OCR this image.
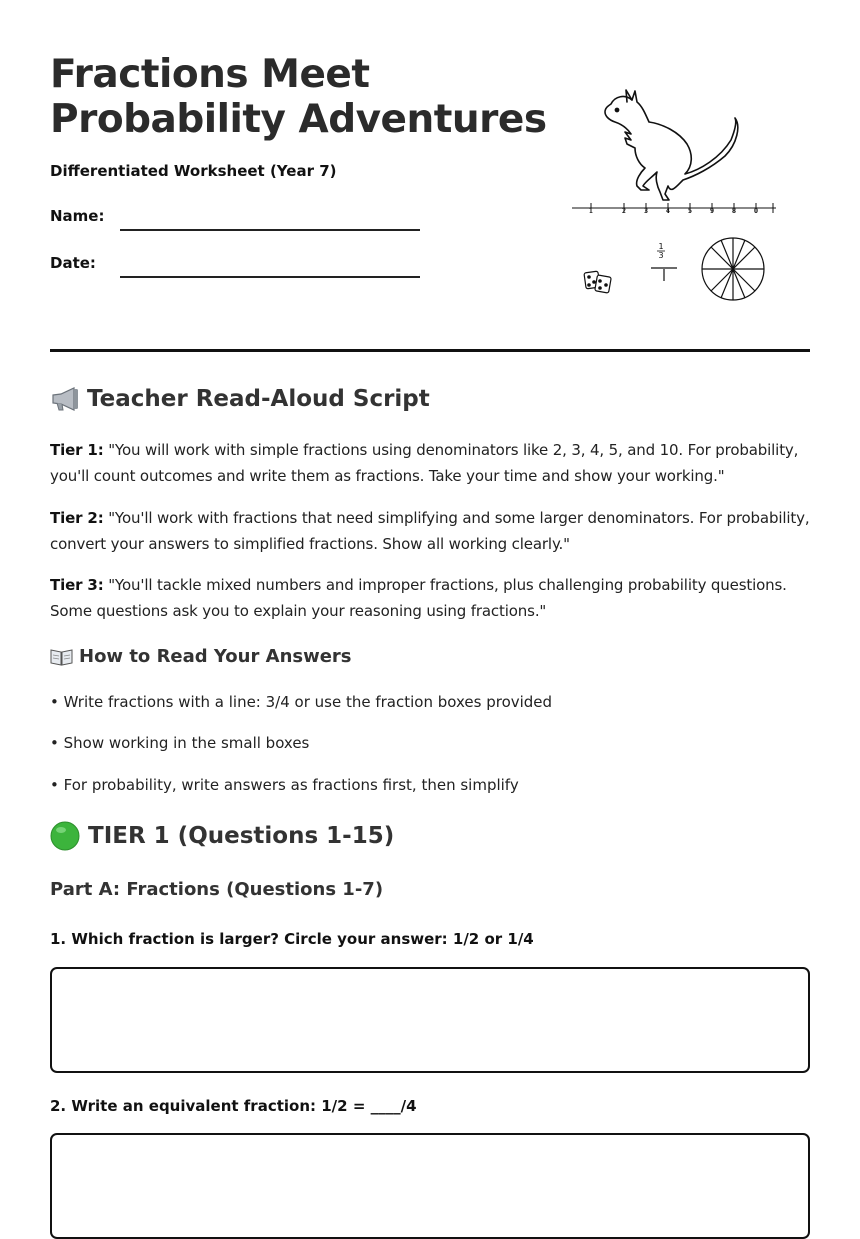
Fractions Meet
Probability Adventures
Differentiated Worksheet (Year 7)
Name:
Date:
1	2	3	4	5	9	8	0
1
3
Teacher Read-Aloud Script

Tier 1: "You will work with simple fractions using denominators like 2, 3, 4, 5, and 10. For probability, you'll count outcomes and write them as fractions. Take your time and show your working."

Tier 2: "You'll work with fractions that need simplifying and some larger denominators. For probability, convert your answers to simplified fractions. Show all working clearly."

Tier 3: "You'll tackle mixed numbers and improper fractions, plus challenging probability questions. Some questions ask you to explain your reasoning using fractions."

How to Read Your Answers
• Write fractions with a line: 3/4 or use the fraction boxes provided
• Show working in the small boxes
• For probability, write answers as fractions first, then simplify
TIER 1 (Questions 1-15)
Part A: Fractions (Questions 1-7)
1. Which fraction is larger? Circle your answer: 1/2 or 1/4
2. Write an equivalent fraction: 1/2 = ____/4
